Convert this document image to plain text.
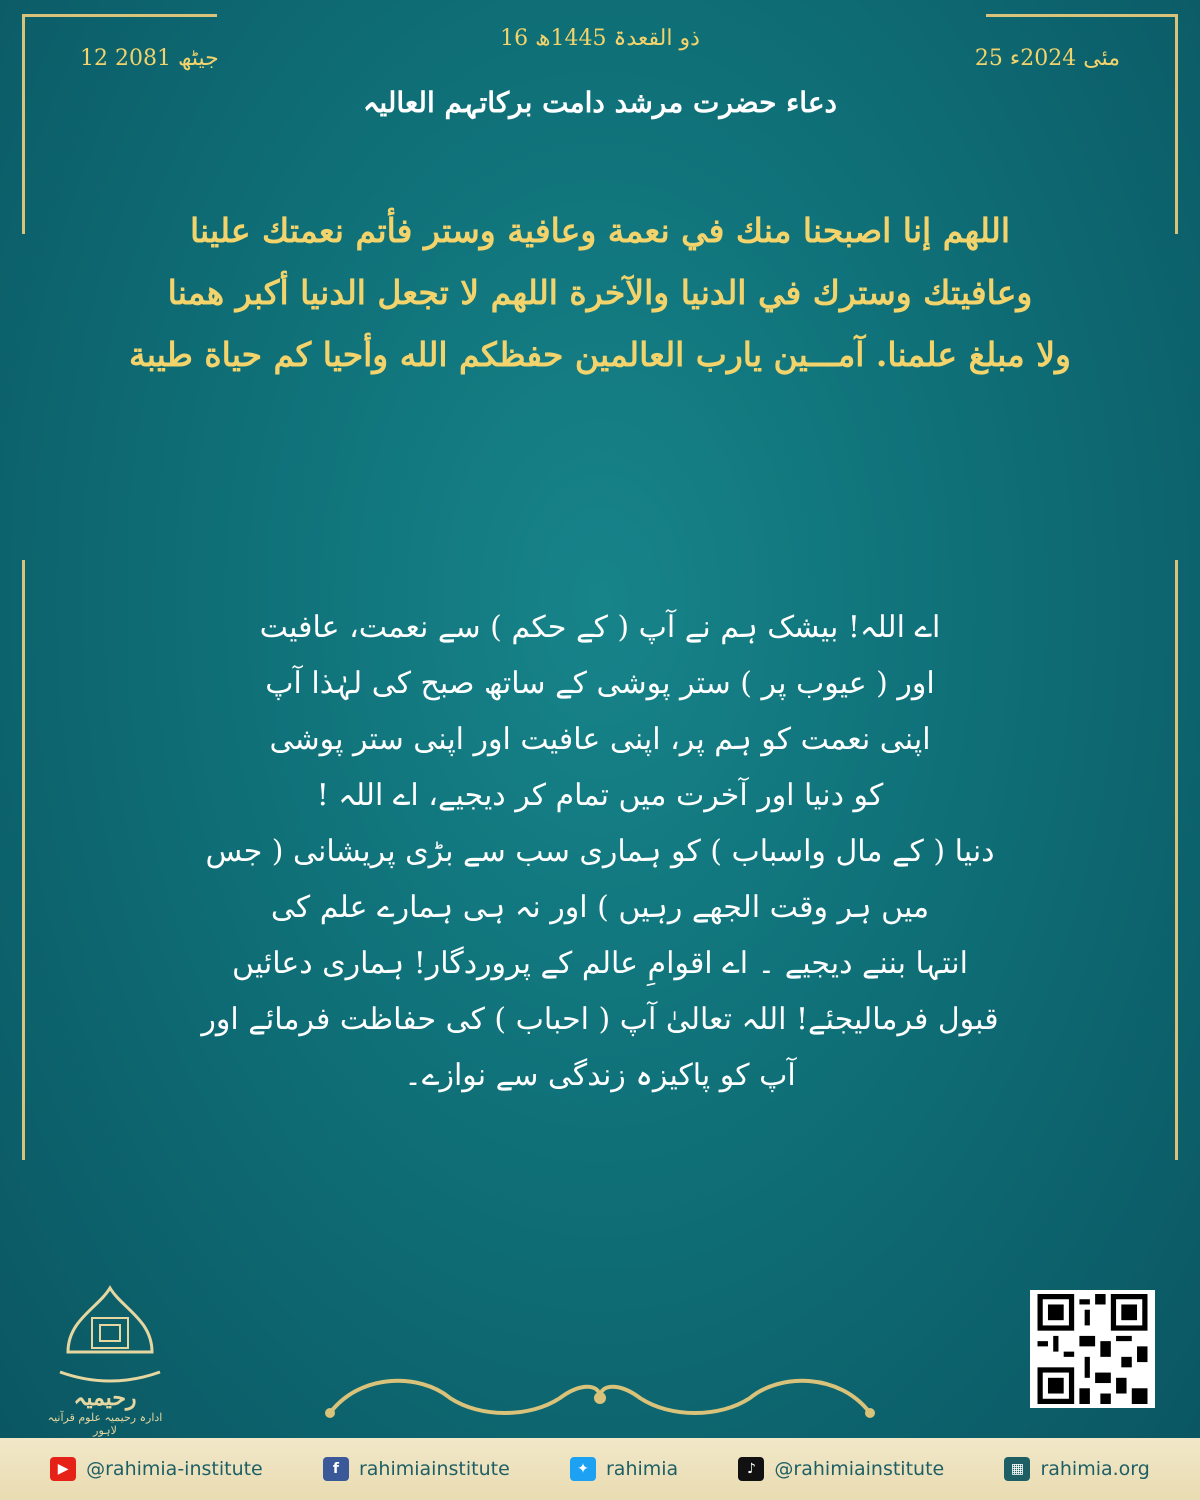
12 جیٹھ 2081
16 ذو القعدۃ 1445ھ
25 مئی 2024ء
دعاء حضرت مرشد دامت برکاتہم العالیہ
اللهم إنا اصبحنا منك في نعمة وعافية وستر فأتم نعمتك علينا
وعافيتك وسترك في الدنيا والآخرة اللهم لا تجعل الدنيا أكبر همنا
ولا مبلغ علمنا. آمـــين يارب العالمين حفظكم الله وأحيا كم حياة طيبة
اے اللہ! بیشک ہم نے آپ ( کے حکم ) سے نعمت، عافیت
اور ( عیوب پر ) ستر پوشی کے ساتھ صبح کی لہٰذا آپ
اپنی نعمت کو ہم پر، اپنی عافیت اور اپنی ستر پوشی
کو دنیا اور آخرت میں تمام کر دیجیے، اے اللہ !
دنیا ( کے مال واسباب ) کو ہماری سب سے بڑی پریشانی ( جس
میں ہر وقت الجھے رہیں ) اور نہ ہی ہمارے علم کی
انتہا بننے دیجیے ۔ اے اقوامِ عالم کے پروردگار! ہماری دعائیں
قبول فرمالیجئے! اللہ تعالیٰ آپ ( احباب ) کی حفاظت فرمائے اور
آپ کو پاکیزہ زندگی سے نوازے۔
رحیمیہ
ادارہ رحیمیہ علوم قرآنیہ لاہور
▶ @rahimia-institute	f	rahimiainstitute	✦ rahimia	♪ @rahimiainstitute	▦ rahimia.org
